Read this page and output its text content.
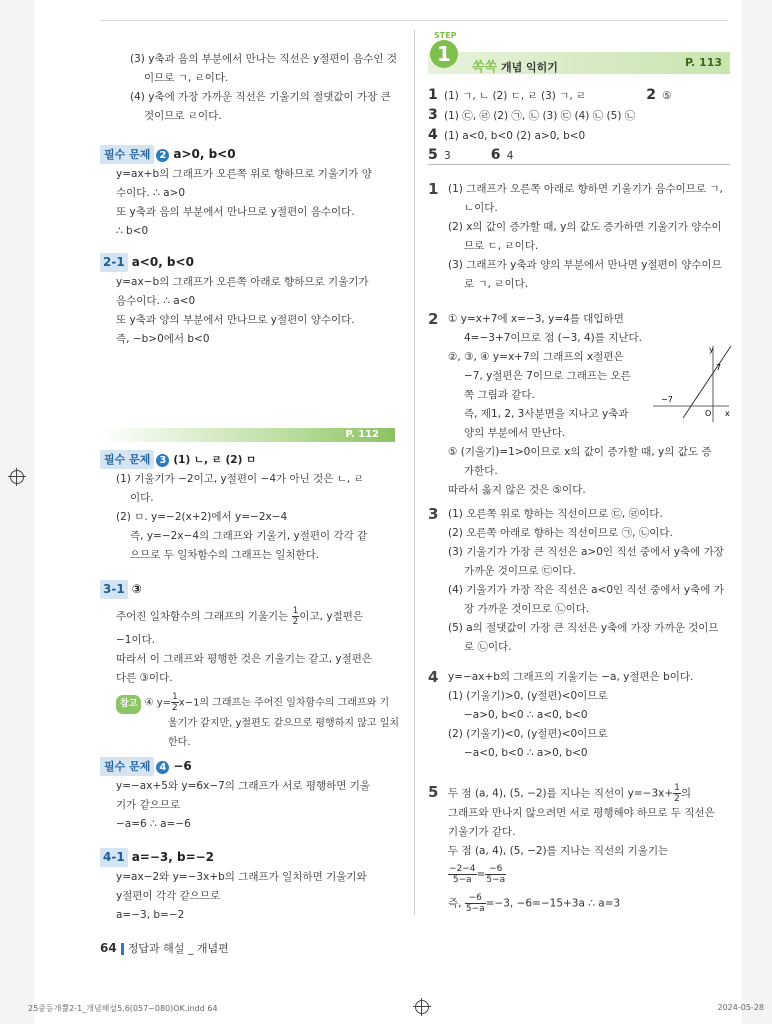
(3) y축과 음의 부분에서 만나는 직선은 y절편이 음수인 것
이므로 ㄱ, ㄹ이다.
(4) y축에 가장 가까운 직선은 기울기의 절댓값이 가장 큰
것이므로 ㄹ이다.
필수 문제 2 a>0, b<0
y=ax+b의 그래프가 오른쪽 위로 향하므로 기울기가 양
수이다. ∴ a>0
또 y축과 음의 부분에서 만나므로 y절편이 음수이다.
∴ b<0
2-1 a<0, b<0
y=ax−b의 그래프가 오른쪽 아래로 향하므로 기울기가
음수이다. ∴ a<0
또 y축과 양의 부분에서 만나므로 y절편이 양수이다.
즉, −b>0에서 b<0
P. 112
필수 문제 3 (1) ㄴ, ㄹ (2) ㅁ
(1) 기울기가 −2이고, y절편이 −4가 아닌 것은 ㄴ, ㄹ
이다.
(2) ㅁ. y=−2(x+2)에서 y=−2x−4
즉, y=−2x−4의 그래프와 기울기, y절편이 각각 같
으므로 두 일차함수의 그래프는 일치한다.
3-1 ③
주어진 일차함수의 그래프의 기울기는 $\frac{1}{2}$ 이고, y절편은
−1이다.
따라서 이 그래프와 평행한 것은 기울기는 같고, y절편은
다른 ③이다.
참고 ④ $y= \frac{1}{2} x-1$의 그래프는 주어진 일차함수의 그래프와 기
울기가 같지만, y절편도 같으므로 평행하지 않고 일치
한다.
필수 문제 4 −6
y=−ax+5와 y=6x−7의 그래프가 서로 평행하면 기울
기가 같으므로
−a=6 ∴ a=−6
4-1 a=−3, b=−2
y=ax−2와 y=−3x+b의 그래프가 일치하면 기울기와
y절편이 각각 같으므로
a=−3, b=−2
STEP
1
쏙쏙 개념 익히기	P. 113
1 (1) ㄱ, ㄴ (2) ㄷ, ㄹ (3) ㄱ, ㄹ	2 ⑤
3 (1) ㉢, ㉣ (2) ㉠, ㉡ (3) ㉢ (4) ㉡ (5) ㉡
4 (1) a<0, b<0 (2) a>0, b<0
5 3	6 4
1 (1) 그래프가 오른쪽 아래로 향하면 기울기가 음수이므로 ㄱ,
ㄴ이다.
(2) x의 값이 증가할 때, y의 값도 증가하면 기울기가 양수이
므로 ㄷ, ㄹ이다.
(3) 그래프가 y축과 양의 부분에서 만나면 y절편이 양수이므
로 ㄱ, ㄹ이다.
2 ① y=x+7에 x=−3, y=4를 대입하면
4=−3+7이므로 점 (−3, 4)를 지난다.
②, ③, ④ y=x+7의 그래프의 x절편은
−7, y절편은 7이므로 그래프는 오른
쪽 그림과 같다.
즉, 제1, 2, 3사분면을 지나고 y축과
양의 부분에서 만난다.
⑤ (기울기)=1>0이므로 x의 값이 증가할 때, y의 값도 증
가한다.
따라서 옳지 않은 것은 ⑤이다.
y
x
O
−7
7
3 (1) 오른쪽 위로 향하는 직선이므로 ㉢, ㉣이다.
(2) 오른쪽 아래로 향하는 직선이므로 ㉠, ㉡이다.
(3) 기울기가 가장 큰 직선은 a>0인 직선 중에서 y축에 가장
가까운 것이므로 ㉢이다.
(4) 기울기가 가장 작은 직선은 a<0인 직선 중에서 y축에 가
장 가까운 것이므로 ㉡이다.
(5) a의 절댓값이 가장 큰 직선은 y축에 가장 가까운 것이므
로 ㉡이다.
4 y=−ax+b의 그래프의 기울기는 −a, y절편은 b이다.
(1) (기울기)>0, (y절편)<0이므로
−a>0, b<0 ∴ a<0, b<0
(2) (기울기)<0, (y절편)<0이므로
−a<0, b<0 ∴ a>0, b<0
5 두 점 (a, 4), (5, −2)를 지나는 직선이 $y=-3x+ \frac{1}{2}$ 의
그래프와 만나지 않으려면 서로 평행해야 하므로 두 직선은
기울기가 같다.
두 점 (a, 4), (5, −2)를 지나는 직선의 기울기는
$\frac{-2-4}{5-a} = \frac{-6}{5-a}$
즉, $\frac{-6}{5-a} =-3$, −6=−15+3a ∴ a=3
64 정답과 해설 _ 개념편
25중등개뿔2-1_개념해설5,6(057~080)OK.indd 64	2024-05-28
